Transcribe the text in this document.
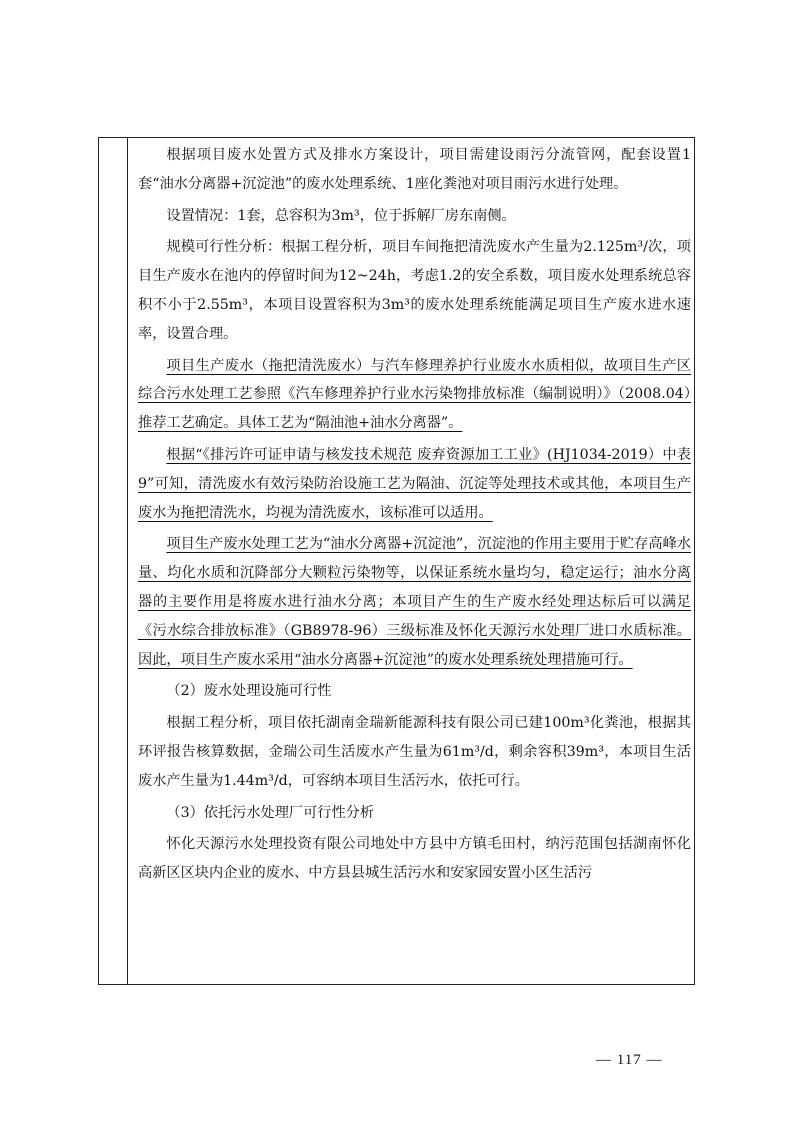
根据项目废水处置方式及排水方案设计，项目需建设雨污分流管网，配套设置1套“油水分离器+沉淀池”的废水处理系统、1座化粪池对项目雨污水进行处理。

设置情况：1套，总容积为3m³，位于拆解厂房东南侧。

规模可行性分析：根据工程分析，项目车间拖把清洗废水产生量为2.125m³/次，项目生产废水在池内的停留时间为12~24h，考虑1.2的安全系数，项目废水处理系统总容积不小于2.55m³，本项目设置容积为3m³的废水处理系统能满足项目生产废水进水速率，设置合理。

项目生产废水（拖把清洗废水）与汽车修理养护行业废水水质相似，故项目生产区综合污水处理工艺参照《汽车修理养护行业水污染物排放标准（编制说明）》（2008.04）推荐工艺确定。具体工艺为“隔油池+油水分离器”。

根据“《排污许可证申请与核发技术规范 废弃资源加工工业》(HJ1034-2019）中表9”可知，清洗废水有效污染防治设施工艺为隔油、沉淀等处理技术或其他，本项目生产废水为拖把清洗水，均视为清洗废水，该标准可以适用。

项目生产废水处理工艺为“油水分离器+沉淀池”，沉淀池的作用主要用于贮存高峰水量、均化水质和沉降部分大颗粒污染物等，以保证系统水量均匀，稳定运行；油水分离器的主要作用是将废水进行油水分离；本项目产生的生产废水经处理达标后可以满足《污水综合排放标准》（GB8978-96）三级标准及怀化天源污水处理厂进口水质标准。因此，项目生产废水采用“油水分离器+沉淀池”的废水处理系统处理措施可行。

（2）废水处理设施可行性

根据工程分析，项目依托湖南金瑞新能源科技有限公司已建100m³化粪池，根据其环评报告核算数据，金瑞公司生活废水产生量为61m³/d，剩余容积39m³，本项目生活废水产生量为1.44m³/d，可容纳本项目生活污水，依托可行。

（3）依托污水处理厂可行性分析

怀化天源污水处理投资有限公司地处中方县中方镇毛田村，纳污范围包括湖南怀化高新区区块内企业的废水、中方县县城生活污水和安家园安置小区生活污

— 117 —
